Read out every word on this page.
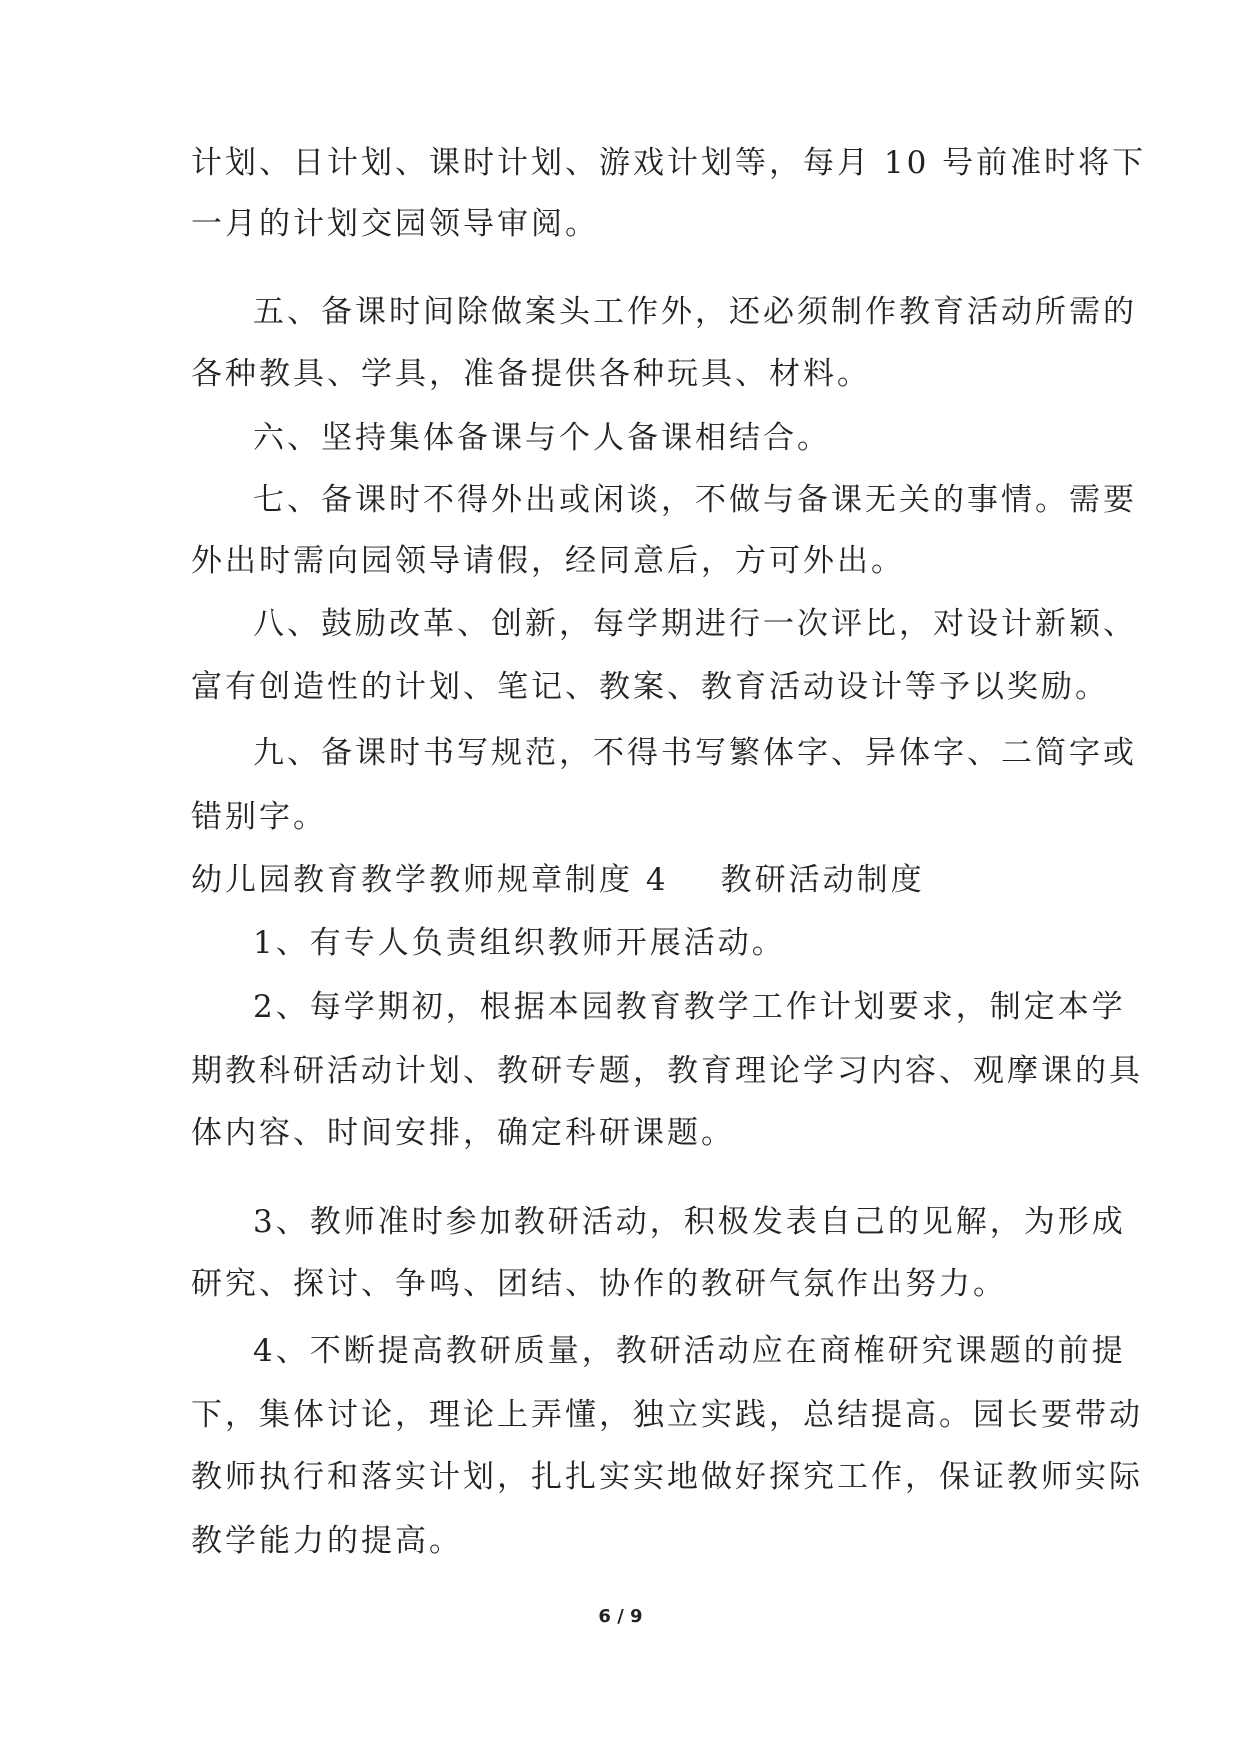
计划、日计划、课时计划、游戏计划等，每月 10 号前准时将下
一月的计划交园领导审阅。
五、备课时间除做案头工作外，还必须制作教育活动所需的
各种教具、学具，准备提供各种玩具、材料。
六、坚持集体备课与个人备课相结合。
七、备课时不得外出或闲谈，不做与备课无关的事情。需要
外出时需向园领导请假，经同意后，方可外出。
八、鼓励改革、创新，每学期进行一次评比，对设计新颖、
富有创造性的计划、笔记、教案、教育活动设计等予以奖励。
九、备课时书写规范，不得书写繁体字、异体字、二简字或
错别字。
幼儿园教育教学教师规章制度 4 教研活动制度
1、有专人负责组织教师开展活动。
2、每学期初，根据本园教育教学工作计划要求，制定本学
期教科研活动计划、教研专题，教育理论学习内容、观摩课的具
体内容、时间安排，确定科研课题。
3、教师准时参加教研活动，积极发表自己的见解，为形成
研究、探讨、争鸣、团结、协作的教研气氛作出努力。
4、不断提高教研质量，教研活动应在商榷研究课题的前提
下，集体讨论，理论上弄懂，独立实践，总结提高。园长要带动
教师执行和落实计划，扎扎实实地做好探究工作，保证教师实际
教学能力的提高。
6 / 9
